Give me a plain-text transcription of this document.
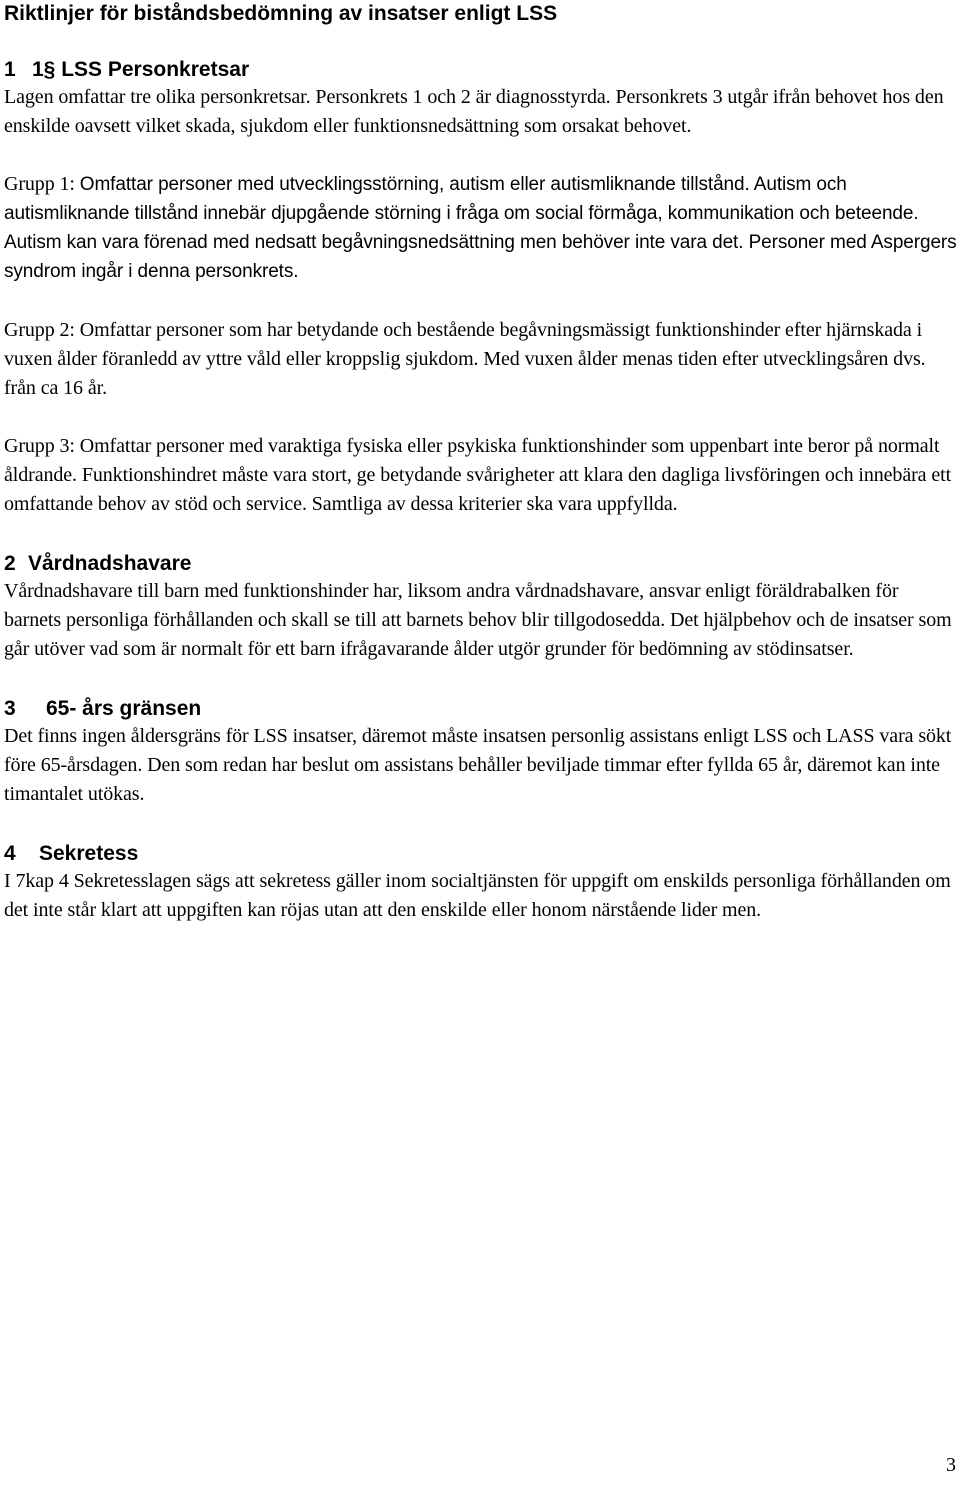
Riktlinjer för biståndsbedömning av insatser enligt LSS
1 1§ LSS Personkretsar

Lagen omfattar tre olika personkretsar. Personkrets 1 och 2 är diagnosstyrda. Personkrets 3 utgår ifrån behovet hos den enskilde oavsett vilket skada, sjukdom eller funktionsnedsättning som orsakat behovet.

Grupp 1: Omfattar personer med utvecklingsstörning, autism eller autismliknande tillstånd. Autism och autismliknande tillstånd innebär djupgående störning i fråga om social förmåga, kommunikation och beteende. Autism kan vara förenad med nedsatt begåvningsnedsättning men behöver inte vara det. Personer med Aspergers syndrom ingår i denna personkrets.

Grupp 2: Omfattar personer som har betydande och bestående begåvningsmässigt funktionshinder efter hjärnskada i vuxen ålder föranledd av yttre våld eller kroppslig sjukdom. Med vuxen ålder menas tiden efter utvecklingsåren dvs. från ca 16 år.

Grupp 3: Omfattar personer med varaktiga fysiska eller psykiska funktionshinder som uppenbart inte beror på normalt åldrande. Funktionshindret måste vara stort, ge betydande svårigheter att klara den dagliga livsföringen och innebära ett omfattande behov av stöd och service. Samtliga av dessa kriterier ska vara uppfyllda.

2 Vårdnadshavare

Vårdnadshavare till barn med funktionshinder har, liksom andra vårdnadshavare, ansvar enligt föräldrabalken för barnets personliga förhållanden och skall se till att barnets behov blir tillgodosedda. Det hjälpbehov och de insatser som går utöver vad som är normalt för ett barn ifrågavarande ålder utgör grunder för bedömning av stödinsatser.

3 65- års gränsen

Det finns ingen åldersgräns för LSS insatser, däremot måste insatsen personlig assistans enligt LSS och LASS vara sökt före 65-årsdagen. Den som redan har beslut om assistans behåller beviljade timmar efter fyllda 65 år, däremot kan inte timantalet utökas.

4 Sekretess

I 7kap 4 Sekretesslagen sägs att sekretess gäller inom socialtjänsten för uppgift om enskilds personliga förhållanden om det inte står klart att uppgiften kan röjas utan att den enskilde eller honom närstående lider men.

3
